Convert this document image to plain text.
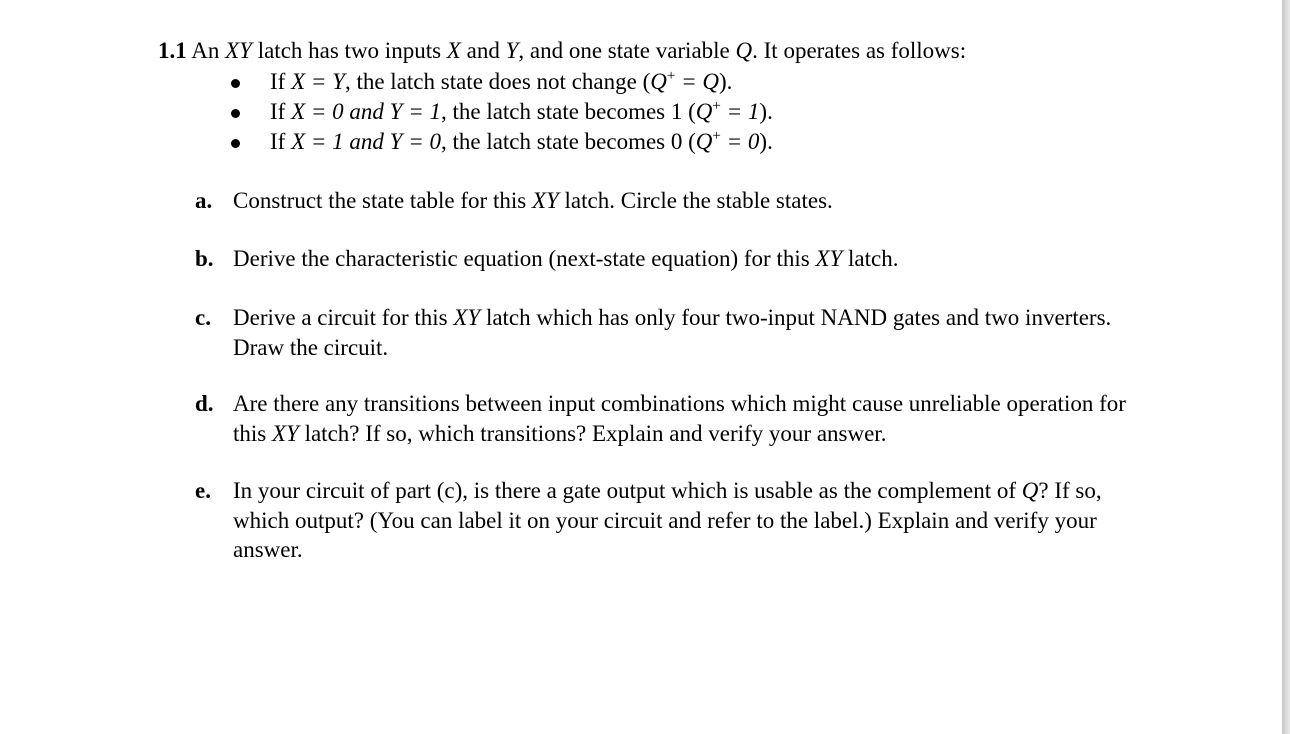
1.1 An XY latch has two inputs X and Y, and one state variable Q. It operates as follows:
If X = Y, the latch state does not change (Q+ = Q).
If X = 0 and Y = 1, the latch state becomes 1 (Q+ = 1).
If X = 1 and Y = 0, the latch state becomes 0 (Q+ = 0).
a. Construct the state table for this XY latch. Circle the stable states.
b. Derive the characteristic equation (next-state equation) for this XY latch.
c. Derive a circuit for this XY latch which has only four two-input NAND gates and two inverters. Draw the circuit.
d. Are there any transitions between input combinations which might cause unreliable operation for this XY latch? If so, which transitions? Explain and verify your answer.
e. In your circuit of part (c), is there a gate output which is usable as the complement of Q? If so, which output? (You can label it on your circuit and refer to the label.) Explain and verify your answer.
